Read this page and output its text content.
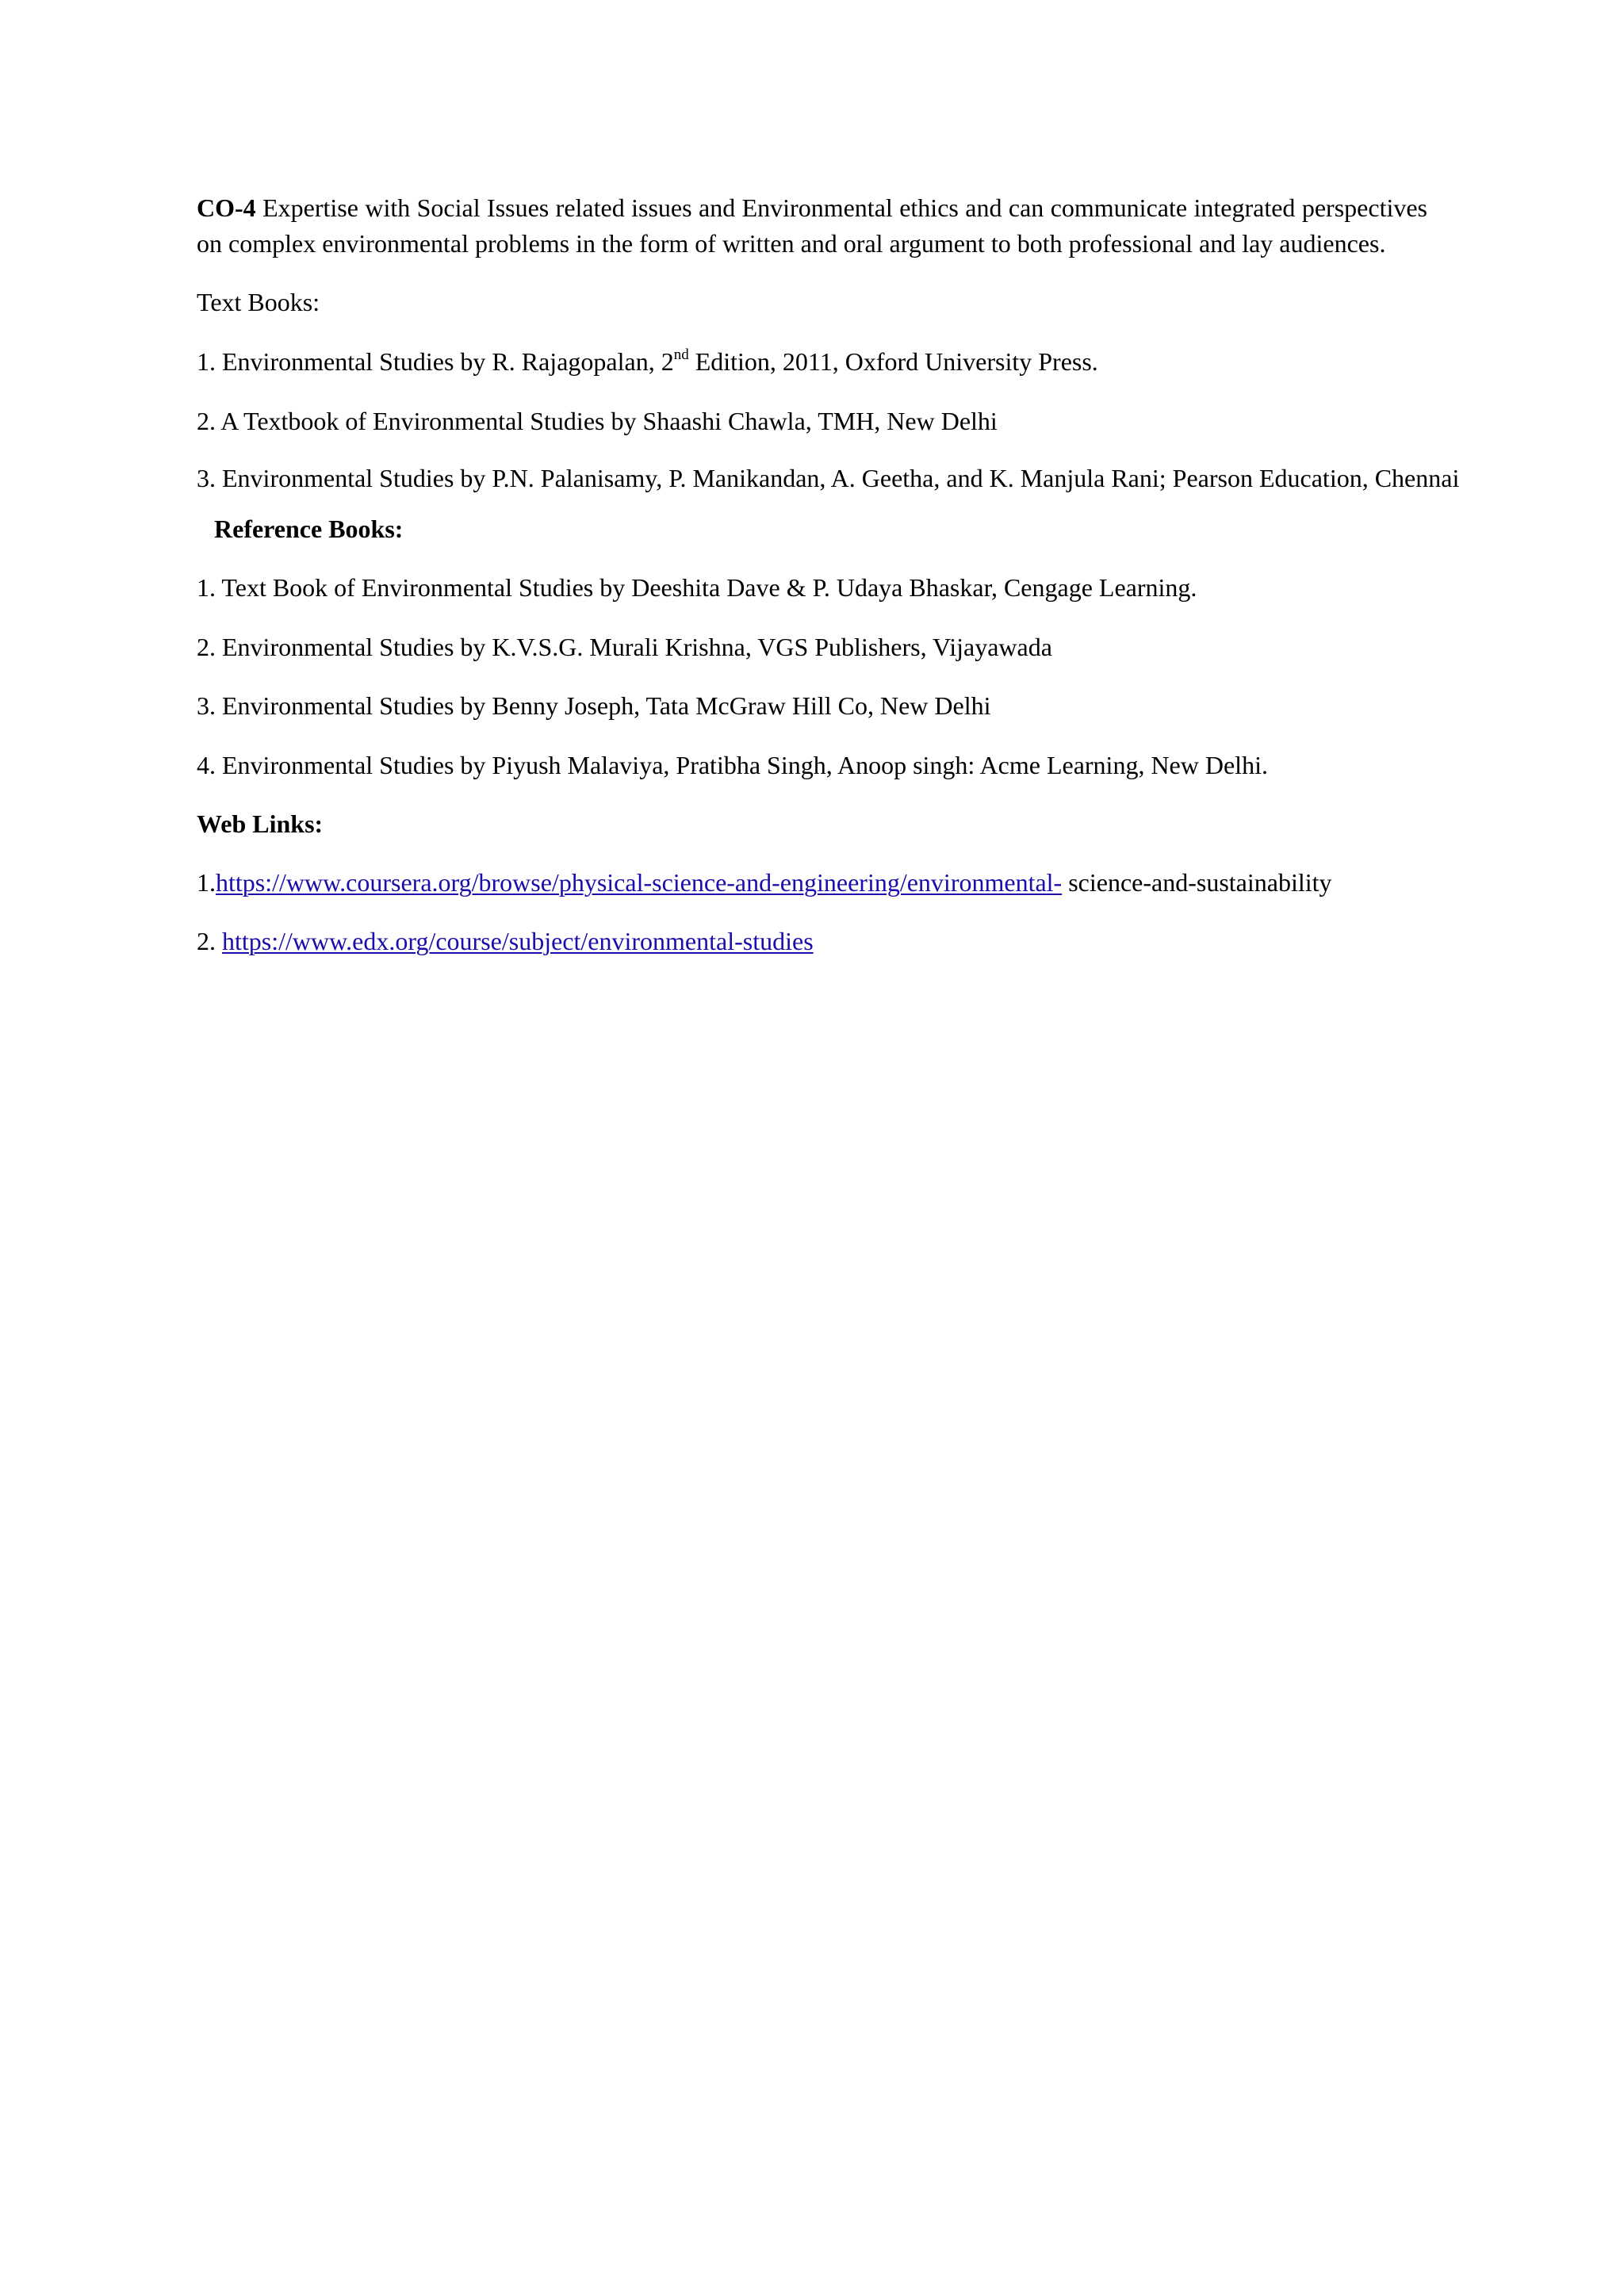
CO-4 Expertise with Social Issues related issues and Environmental ethics and can communicate integrated perspectives on complex environmental problems in the form of written and oral argument to both professional and lay audiences.

Text Books:

1. Environmental Studies by R. Rajagopalan, 2nd Edition, 2011, Oxford University Press.

2. A Textbook of Environmental Studies by Shaashi Chawla, TMH, New Delhi

3. Environmental Studies by P.N. Palanisamy, P. Manikandan, A. Geetha, and K. Manjula Rani; Pearson Education, Chennai

Reference Books:

1. Text Book of Environmental Studies by Deeshita Dave & P. Udaya Bhaskar, Cengage Learning.

2. Environmental Studies by K.V.S.G. Murali Krishna, VGS Publishers, Vijayawada

3. Environmental Studies by Benny Joseph, Tata McGraw Hill Co, New Delhi

4. Environmental Studies by Piyush Malaviya, Pratibha Singh, Anoop singh: Acme Learning, New Delhi.

Web Links:

1.https://www.coursera.org/browse/physical-science-and-engineering/environmental- science-and-sustainability

2. https://www.edx.org/course/subject/environmental-studies
